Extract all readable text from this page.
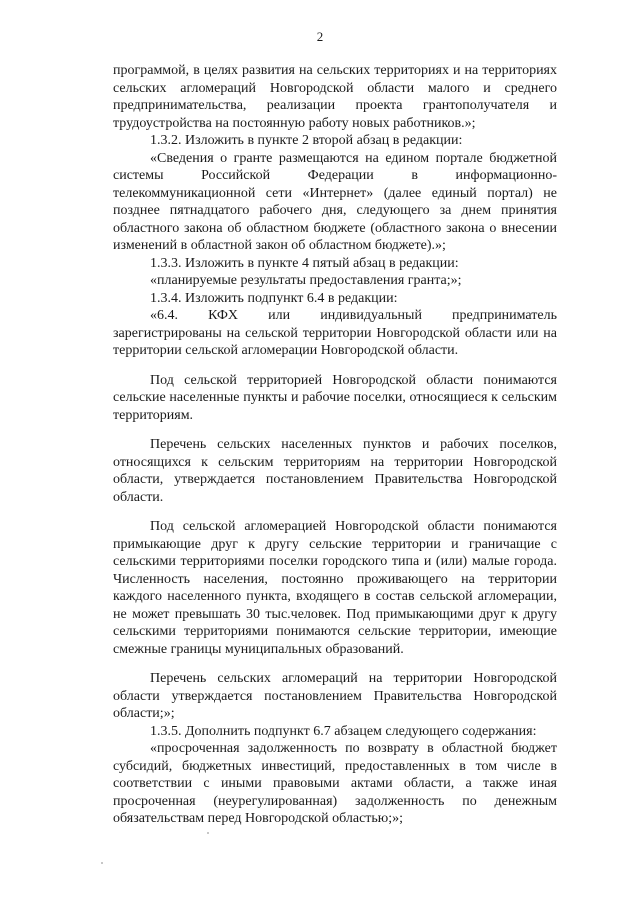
2

программой, в целях развития на сельских территориях и на территориях сельских агломераций Новгородской области малого и среднего предпринимательства, реализации проекта грантополучателя и трудоустройства на постоянную работу новых работников.»;

1.3.2. Изложить в пункте 2 второй абзац в редакции:

«Сведения о гранте размещаются на едином портале бюджетной системы Российской Федерации в информационно-телекоммуникационной сети «Интернет» (далее единый портал) не позднее пятнадцатого рабочего дня, следующего за днем принятия областного закона об областном бюджете (областного закона о внесении изменений в областной закон об областном бюджете).»;

1.3.3. Изложить в пункте 4 пятый абзац в редакции:

«планируемые результаты предоставления гранта;»;

1.3.4. Изложить подпункт 6.4 в редакции:

«6.4. КФХ или индивидуальный предприниматель зарегистрированы на сельской территории Новгородской области или на территории сельской агломерации Новгородской области.

Под сельской территорией Новгородской области понимаются сельские населенные пункты и рабочие поселки, относящиеся к сельским территориям.

Перечень сельских населенных пунктов и рабочих поселков, относящихся к сельским территориям на территории Новгородской области, утверждается постановлением Правительства Новгородской области.

Под сельской агломерацией Новгородской области понимаются примыкающие друг к другу сельские территории и граничащие с сельскими территориями поселки городского типа и (или) малые города. Численность населения, постоянно проживающего на территории каждого населенного пункта, входящего в состав сельской агломерации, не может превышать 30 тыс.человек. Под примыкающими друг к другу сельскими территориями понимаются сельские территории, имеющие смежные границы муниципальных образований.

Перечень сельских агломераций на территории Новгородской области утверждается постановлением Правительства Новгородской области;»;

1.3.5. Дополнить подпункт 6.7 абзацем следующего содержания:

«просроченная задолженность по возврату в областной бюджет субсидий, бюджетных инвестиций, предоставленных в том числе в соответствии с иными правовыми актами области, а также иная просроченная (неурегулированная) задолженность по денежным обязательствам перед Новгородской областью;»;
